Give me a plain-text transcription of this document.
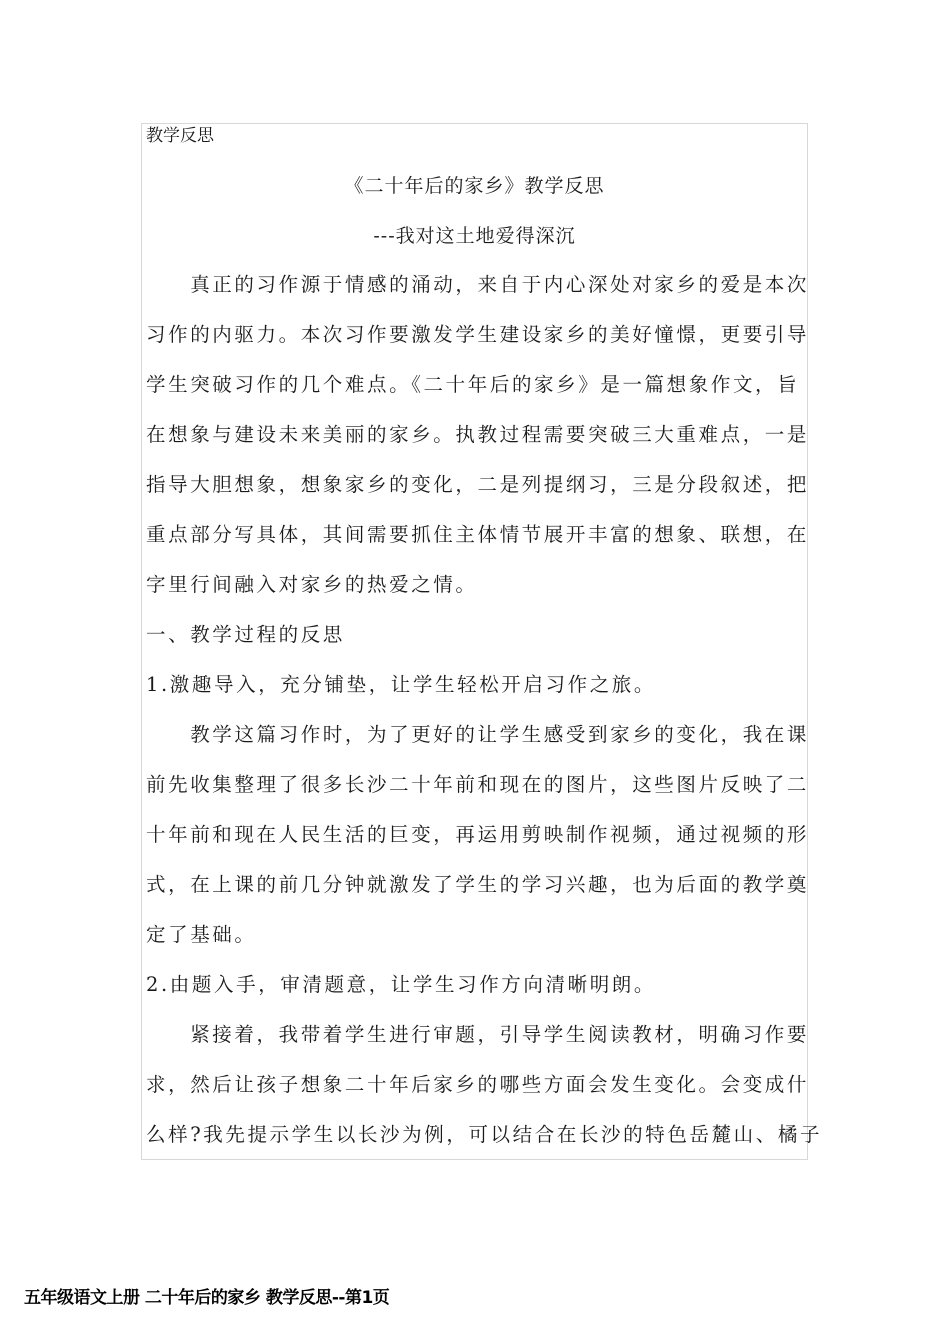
教学反思
《二十年后的家乡》教学反思
---我对这土地爱得深沉
　　真正的习作源于情感的涌动，来自于内心深处对家乡的爱是本次
习作的内驱力。本次习作要激发学生建设家乡的美好憧憬，更要引导
学生突破习作的几个难点。《二十年后的家乡》是一篇想象作文，旨
在想象与建设未来美丽的家乡。执教过程需要突破三大重难点，一是
指导大胆想象，想象家乡的变化，二是列提纲习，三是分段叙述，把
重点部分写具体，其间需要抓住主体情节展开丰富的想象、联想，在
字里行间融入对家乡的热爱之情。
一、教学过程的反思
1.激趣导入，充分铺垫，让学生轻松开启习作之旅。
　　教学这篇习作时，为了更好的让学生感受到家乡的变化，我在课
前先收集整理了很多长沙二十年前和现在的图片，这些图片反映了二
十年前和现在人民生活的巨变，再运用剪映制作视频，通过视频的形
式，在上课的前几分钟就激发了学生的学习兴趣，也为后面的教学奠
定了基础。
2.由题入手，审清题意，让学生习作方向清晰明朗。
　　紧接着，我带着学生进行审题，引导学生阅读教材，明确习作要
求，然后让孩子想象二十年后家乡的哪些方面会发生变化。会变成什
么样?我先提示学生以长沙为例，可以结合在长沙的特色岳麓山、橘子
五年级语文上册 二十年后的家乡 教学反思--第1页
